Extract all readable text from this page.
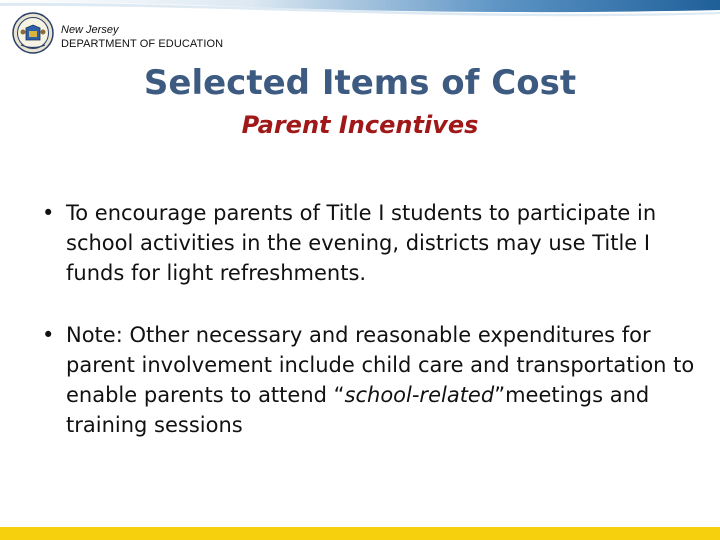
New Jersey
DEPARTMENT OF EDUCATION
Selected Items of Cost
Parent Incentives
• To encourage parents of Title I students to participate in school activities in the evening, districts may use Title I funds for light refreshments.
• Note: Other necessary and reasonable expenditures for parent involvement include child care and transportation to enable parents to attend “school-related”meetings and training sessions
